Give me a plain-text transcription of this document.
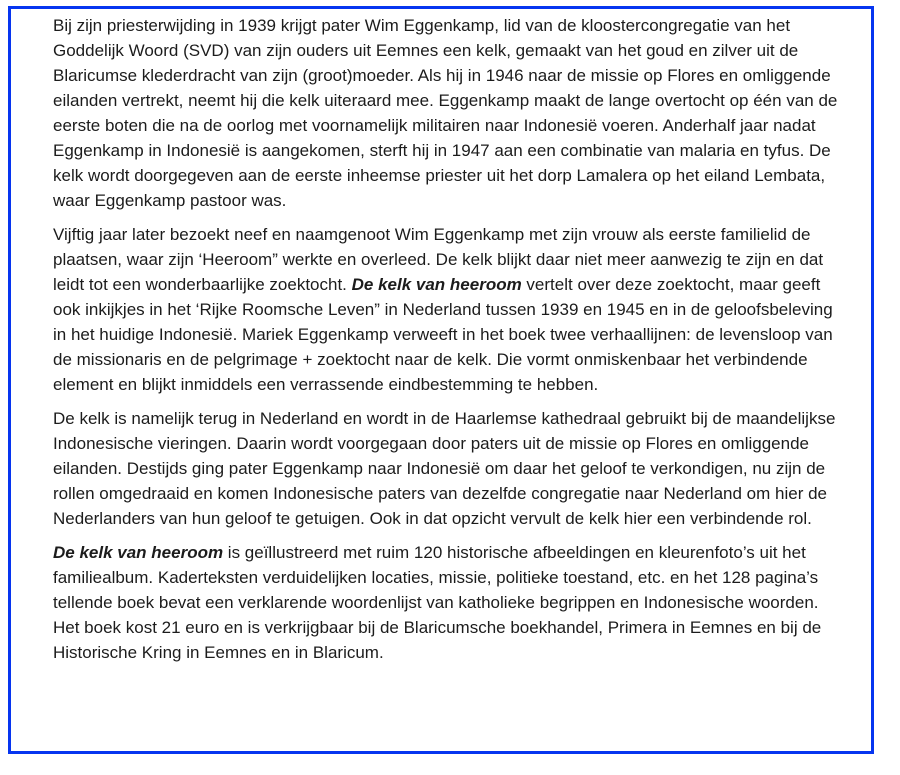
Bij zijn priesterwijding in 1939 krijgt pater Wim Eggenkamp, lid van de kloostercongregatie van het Goddelijk Woord (SVD) van zijn ouders uit Eemnes een kelk, gemaakt van het goud en zilver uit de Blaricumse klederdracht van zijn (groot)moeder. Als hij in 1946 naar de missie op Flores en omliggende eilanden vertrekt, neemt hij die kelk uiteraard mee. Eggenkamp maakt de lange overtocht op één van de eerste boten die na de oorlog met voornamelijk militairen naar Indonesië voeren. Anderhalf jaar nadat Eggenkamp in Indonesië is aangekomen, sterft hij in 1947 aan een combinatie van malaria en tyfus. De kelk wordt doorgegeven aan de eerste inheemse priester uit het dorp Lamalera op het eiland Lembata, waar Eggenkamp pastoor was.

Vijftig jaar later bezoekt neef en naamgenoot Wim Eggenkamp met zijn vrouw als eerste familielid de plaatsen, waar zijn ‘Heeroom” werkte en overleed. De kelk blijkt daar niet meer aanwezig te zijn en dat leidt tot een wonderbaarlijke zoektocht. De kelk van heeroom vertelt over deze zoektocht, maar geeft ook inkijkjes in het ‘Rijke Roomsche Leven” in Nederland tussen 1939 en 1945 en in de geloofsbeleving in het huidige Indonesië. Mariek Eggenkamp verweeft in het boek twee verhaallijnen: de levensloop van de missionaris en de pelgrimage + zoektocht naar de kelk. Die vormt onmiskenbaar het verbindende element en blijkt inmiddels een verrassende eindbestemming te hebben.

De kelk is namelijk terug in Nederland en wordt in de Haarlemse kathedraal gebruikt bij de maandelijkse Indonesische vieringen. Daarin wordt voorgegaan door paters uit de missie op Flores en omliggende eilanden. Destijds ging pater Eggenkamp naar Indonesië om daar het geloof te verkondigen, nu zijn de rollen omgedraaid en komen Indonesische paters van dezelfde congregatie naar Nederland om hier de Nederlanders van hun geloof te getuigen. Ook in dat opzicht vervult de kelk hier een verbindende rol.

De kelk van heeroom is geïllustreerd met ruim 120 historische afbeeldingen en kleurenfoto’s uit het familiealbum. Kaderteksten verduidelijken locaties, missie, politieke toestand, etc. en het 128 pagina’s tellende boek bevat een verklarende woordenlijst van katholieke begrippen en Indonesische woorden.

Het boek kost 21 euro en is verkrijgbaar bij de Blaricumsche boekhandel, Primera in Eemnes en bij de Historische Kring in Eemnes en in Blaricum.
